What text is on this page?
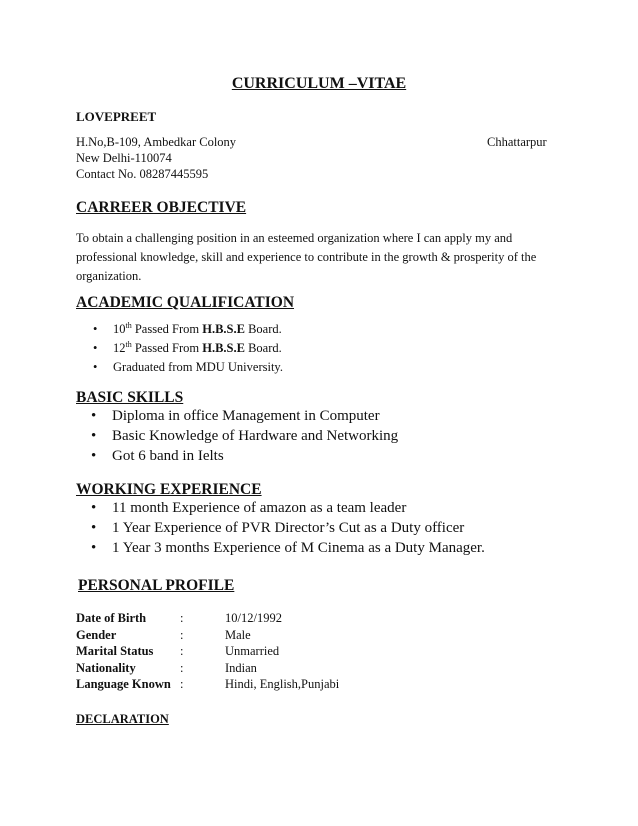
CURRICULUM –VITAE
LOVEPREET
H.No,B-109, Ambedkar Colony	Chhattarpur
New Delhi-110074
Contact No. 08287445595
CARREER OBJECTIVE
To obtain a challenging position in an esteemed organization where I can apply my and professional knowledge, skill and experience to contribute in the growth & prosperity of the organization.
ACADEMIC QUALIFICATION
• 10th Passed From H.B.S.E Board.
• 12th Passed From H.B.S.E Board.
• Graduated from MDU University.
BASIC SKILLS
• Diploma in office Management in Computer
• Basic Knowledge of Hardware and Networking
• Got 6 band in Ielts
WORKING EXPERIENCE
• 11 month Experience of amazon as a team leader
• 1 Year Experience of PVR Director’s Cut as a Duty officer
• 1 Year 3 months Experience of M Cinema as a Duty Manager.
PERSONAL PROFILE
Date of Birth	:	10/12/1992
Gender	:	Male
Marital Status	:	Unmarried
Nationality	:	Indian
Language Known	:	Hindi, English,Punjabi
DECLARATION
